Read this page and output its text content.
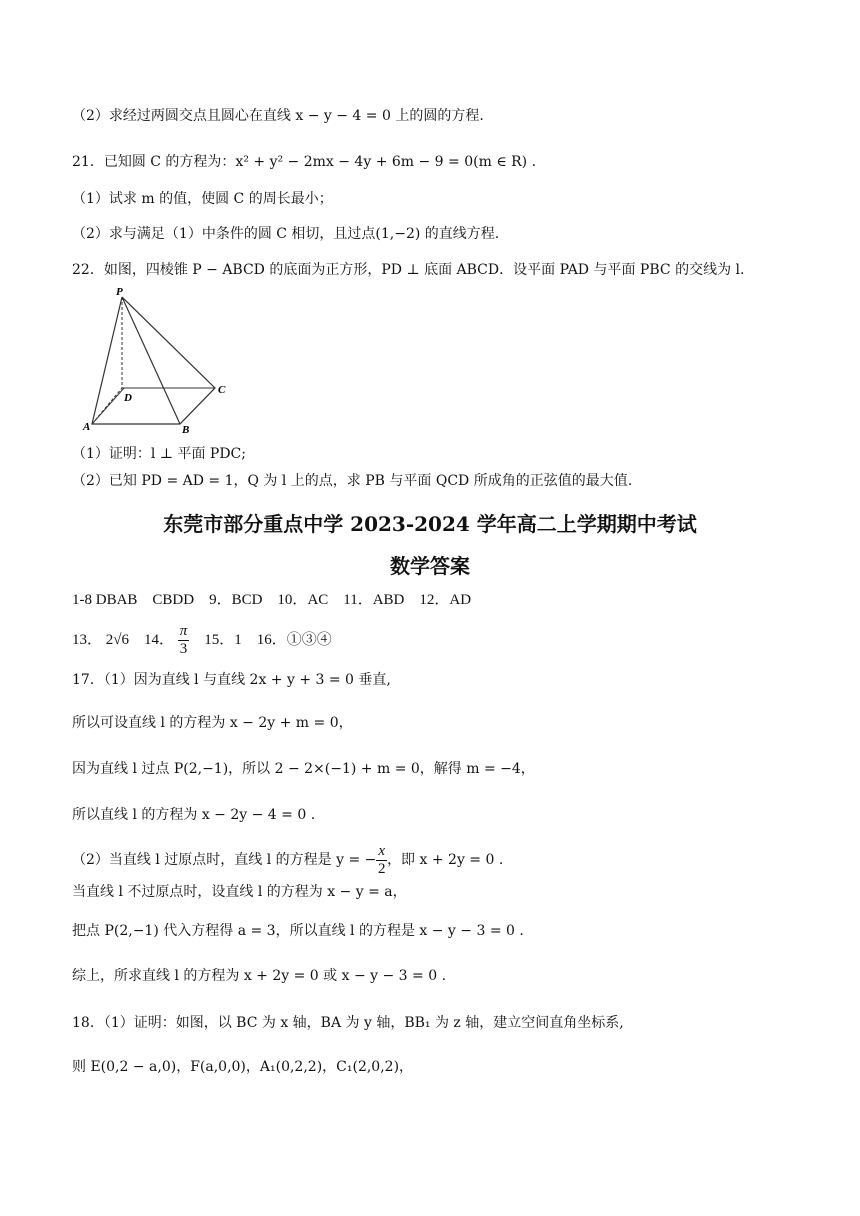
（2）求经过两圆交点且圆心在直线 x − y − 4 = 0 上的圆的方程.
21．已知圆 C 的方程为：x² + y² − 2mx − 4y + 6m − 9 = 0(m ∈ R) .
（1）试求 m 的值，使圆 C 的周长最小；
（2）求与满足（1）中条件的圆 C 相切，且过点(1,−2) 的直线方程.
22．如图，四棱锥 P − ABCD 的底面为正方形，PD ⊥ 底面 ABCD．设平面 PAD 与平面 PBC 的交线为 l.
P
A	B
C
D
（1）证明：l ⊥ 平面 PDC;
（2）已知 PD = AD = 1，Q 为 l 上的点，求 PB 与平面 QCD 所成角的正弦值的最大值.
东莞市部分重点中学 2023-2024 学年高二上学期期中考试
数学答案
1-8 DBAB　CBDD　9．BCD　10．AC　11．ABD　12．AD
13． 2√6 14． $\frac{\pi}{3} 15$．1 16．①③④
17．（1）因为直线 l 与直线 2x + y + 3 = 0 垂直,
所以可设直线 l 的方程为 x − 2y + m = 0，
因为直线 l 过点 P(2,−1)，所以 2 − 2×(−1) + m = 0，解得 m = −4，
所以直线 l 的方程为 x − 2y − 4 = 0 .
（2）当直线 l 过原点时，直线 l 的方程是 y = − $\frac{x}{2}$ ，即 x + 2y = 0 .
当直线 l 不过原点时，设直线 l 的方程为 x − y = a，
把点 P(2,−1) 代入方程得 a = 3，所以直线 l 的方程是 x − y − 3 = 0 .
综上，所求直线 l 的方程为 x + 2y = 0 或 x − y − 3 = 0 .
18．（1）证明：如图，以 BC 为 x 轴，BA 为 y 轴，BB₁ 为 z 轴，建立空间直角坐标系,
则 E(0,2 − a,0)，F(a,0,0)，A₁(0,2,2)，C₁(2,0,2)，
